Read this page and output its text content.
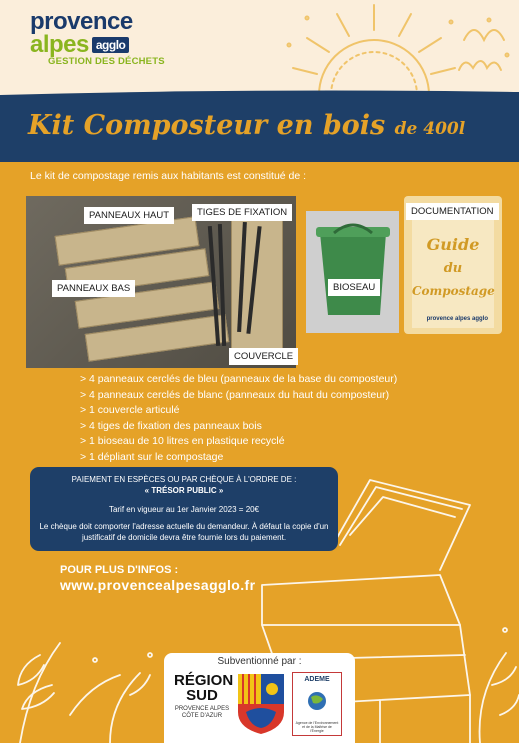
provence
alpes agglo
GESTION DES DÉCHETS
Kit Composteur en bois de 400l
Le kit de compostage remis aux habitants est constitué de :
PANNEAUX HAUT	TIGES DE FIXATION
PANNEAUX BAS
COUVERCLE
BIOSEAU
Guide
du
Compostage
provence alpes agglo
DOCUMENTATION
> 4 panneaux cerclés de bleu (panneaux de la base du composteur)
> 4 panneaux cerclés de blanc (panneaux du haut du composteur)
> 1 couvercle articulé
> 4 tiges de fixation des panneaux bois
> 1 bioseau de 10 litres en plastique recyclé
> 1 dépliant sur le compostage
PAIEMENT EN ESPÈCES OU PAR CHÈQUE À L'ORDRE DE :
« TRÉSOR PUBLIC »
Tarif en vigueur au 1er Janvier 2023 = 20€
Le chèque doit comporter l'adresse actuelle du demandeur. À défaut la copie d'un justificatif de domicile devra être fournie lors du paiement.
POUR PLUS D'INFOS :
www.provencealpesagglo.fr
Subventionné par :
RÉGION
SUD
PROVENCE ALPES CÔTE D'AZUR
ADEME
Agence de l'Environnement et de la Maîtrise de l'Énergie
